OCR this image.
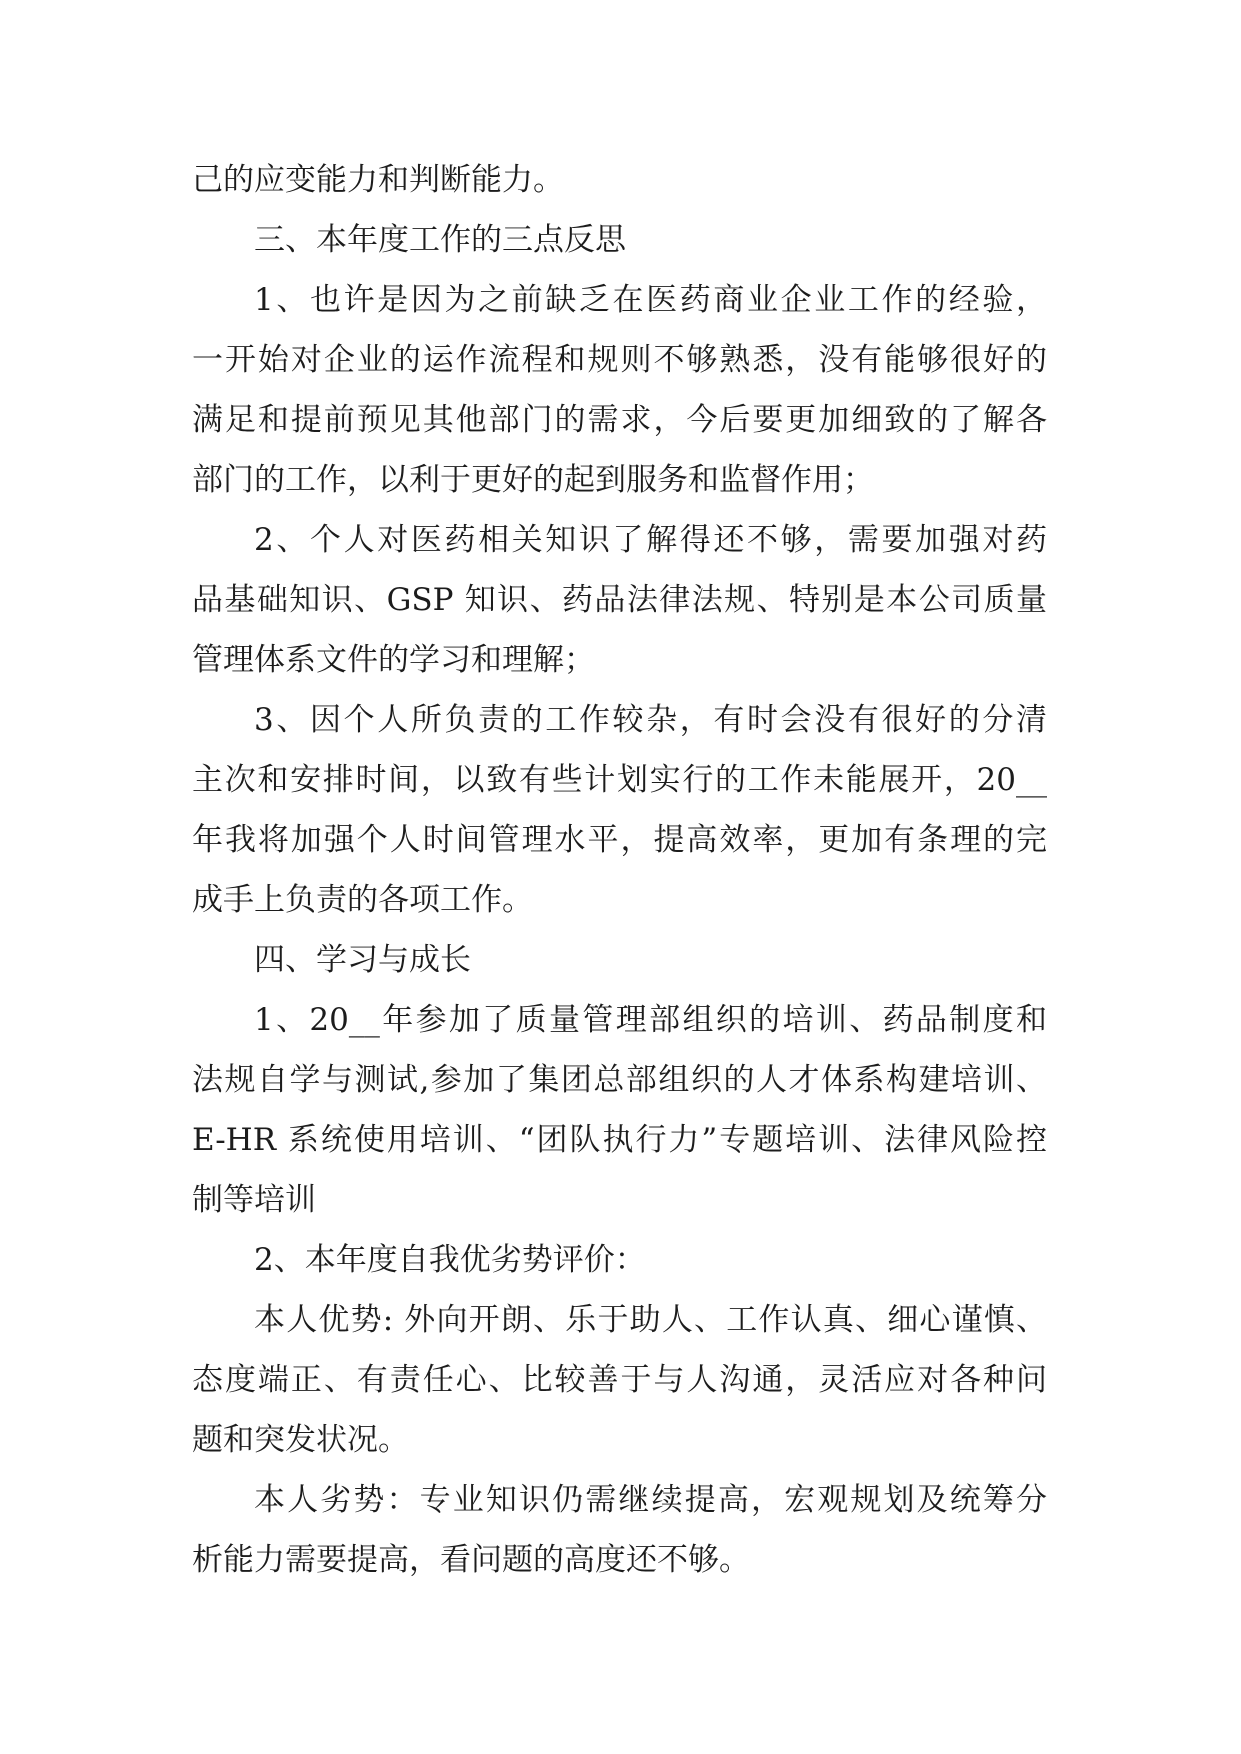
己的应变能力和判断能力。
三、本年度工作的三点反思
1、也许是因为之前缺乏在医药商业企业工作的经验，
一开始对企业的运作流程和规则不够熟悉，没有能够很好的
满足和提前预见其他部门的需求，今后要更加细致的了解各
部门的工作，以利于更好的起到服务和监督作用；
2、个人对医药相关知识了解得还不够，需要加强对药
品基础知识、GSP 知识、药品法律法规、特别是本公司质量
管理体系文件的学习和理解；
3、因个人所负责的工作较杂，有时会没有很好的分清
主次和安排时间，以致有些计划实行的工作未能展开，20__
年我将加强个人时间管理水平，提高效率，更加有条理的完
成手上负责的各项工作。
四、学习与成长
1、20__年参加了质量管理部组织的培训、药品制度和
法规自学与测试,参加了集团总部组织的人才体系构建培训、
E-HR 系统使用培训、“团队执行力”专题培训、法律风险控
制等培训
2、本年度自我优劣势评价：
本人优势: 外向开朗、乐于助人、工作认真、细心谨慎、
态度端正、有责任心、比较善于与人沟通，灵活应对各种问
题和突发状况。
本人劣势：专业知识仍需继续提高，宏观规划及统筹分
析能力需要提高，看问题的高度还不够。
